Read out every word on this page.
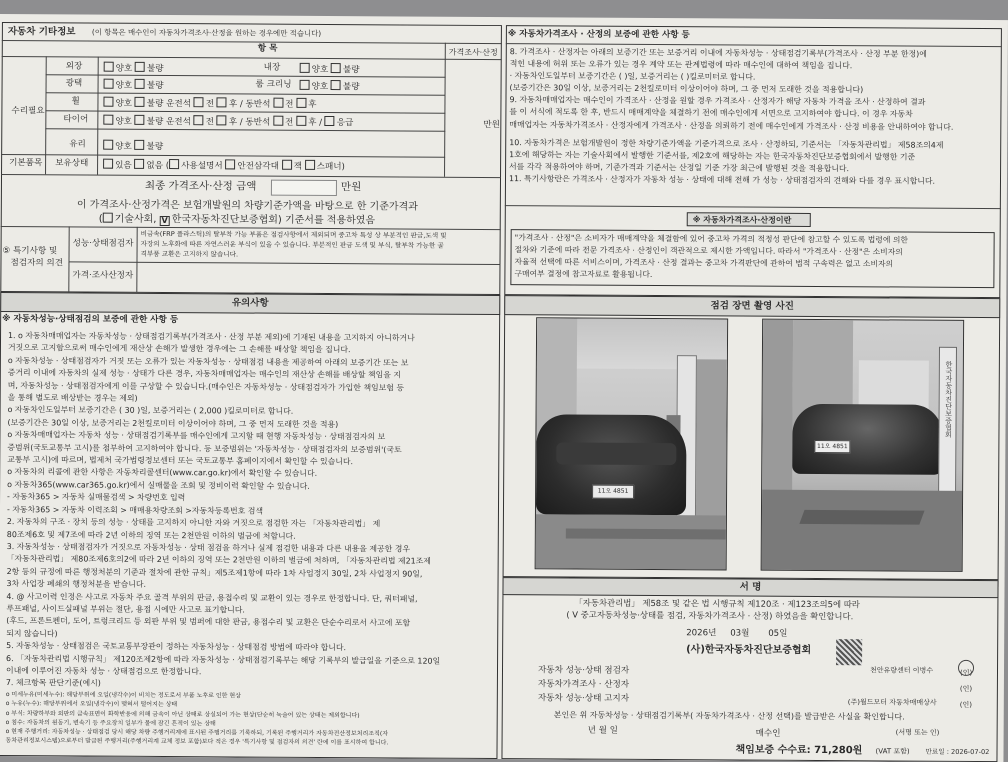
자동차 기타정보 (이 항목은 매수인이 자동차가격조사·산정을 원하는 경우에만 적습니다)
항 목	가격조사·산정
수리필요
외장	양호 불량	내장	양호 불량
광택	양호 불량	룸 크리닝	양호 불량
휠	양호 불량 운전석 전 후 / 동반석 전 후
타이어	양호 불량 운전석 전 후 / 동반석 전 후 / 응급
유리	양호 불량
만원
기본품목 보유상태	있음 없음 ( 사용설명서 안전삼각대 잭 스패너)
최종 가격조사·산정 금액	만원
이 가격조사·산정가격은 보험개발원의 차량기준가액을 바탕으로 한 기준가격과
( 기술사회, V 한국자동차진단보증협회) 기준서를 적용하였음
⑤ 특기사항 및
점검자의 의견
성능·상태점검자
비금속(FRP 플라스틱)의 탈부착 가능 부품은 점검사항에서 제외되며 중고차 특성 상 부분적인 판금,도색 및
자장의 노후화에 따른 자연스러운 부식이 있을 수 있습니다. 부분적인 판금 도색 및 부식, 탈부착 가능한 골
격부품 교환은 고지하지 않습니다.
가격·조사산정자
※ 자동차가격조사 · 산정의 보증에 관한 사항 등
8. 가격조사 · 산정자는 아래의 보증기간 또는 보증거리 이내에 자동차성능 · 상태점검기록부(가격조사 · 산정 부분 한정)에
적힌 내용에 허위 또는 오류가 있는 경우 계약 또는 관계법령에 따라 매수인에 대하여 책임을 집니다.
· 자동차인도일부터 보증기간은 ( )일, 보증거리는 ( )킬로미터로 합니다.
(보증기간은 30일 이상, 보증거리는 2천킬로미터 이상이어야 하며, 그 중 먼저 도래한 것을 적용합니다)
9. 자동차매매업자는 매수인이 가격조사 · 산정을 원할 경우 가격조사 · 산정자가 해당 자동차 가격을 조사 · 산정하여 결과
를 이 서식에 적도록 한 후, 반드시 매매계약을 체결하기 전에 매수인에게 서면으로 고지하여야 합니다. 이 경우 자동차
매매업자는 자동차가격조사 · 산정자에게 가격조사 · 산정을 의뢰하기 전에 매수인에게 가격조사 · 산정 비용을 안내하여야 합니다.
10. 자동차가격은 보험개발원이 정한 차량기준가액을 기준가격으로 조사 · 산정하되, 기준서는 「자동차관리법」 제58조의4제
1호에 해당하는 자는 기술사회에서 발행한 기준서를, 제2호에 해당하는 자는 한국자동차진단보증협회에서 발행한 기준
서를 각각 적용하여야 하며, 기준가격과 기준서는 산정일 기준 가장 최근에 발행된 것을 적용합니다.
11. 특기사항란은 가격조사 · 산정자가 자동차 성능 · 상태에 대해 전해 가 성능 · 상태점검자의 견해와 다를 경우 표시합니다.
※ 자동차가격조사·산정이란
"가격조사 · 산정"은 소비자가 매매계약을 체결함에 있어 중고차 가격의 적정성 판단에 참고할 수 있도록 법령에 의한
절차와 기준에 따라 전문 가격조사 · 산정인이 객관적으로 제시한 가액입니다. 따라서 "가격조사 · 산정"은 소비자의
자율적 선택에 따른 서비스이며, 가격조사 · 산정 결과는 중고차 가격판단에 관하여 법적 구속력은 없고 소비자의
구매여부 결정에 참고자료로 활용됩니다.
유의사항
※ 자동차성능·상태점검의 보증에 관한 사항 등
1. o 자동차매매업자는 자동차성능 · 상태점검기록부(가격조사 · 산정 부분 제외)에 기재된 내용을 고지하지 아니하거나
거짓으로 고지함으로써 매수인에게 재산상 손해가 발생한 경우에는 그 손해를 배상할 책임을 집니다.
o 자동차성능 · 상태점검자가 거짓 또는 오류가 있는 자동차성능 · 상태점검 내용을 제공하여 아래의 보증기간 또는 보
증거리 이내에 자동차의 실제 성능 · 상태가 다른 경우, 자동차매매업자는 매수인의 재산상 손해를 배상할 책임을 지
며, 자동차성능 · 상태점검자에게 이를 구상할 수 있습니다.(매수인은 자동차성능 · 상태점검자가 가입한 책임보험 등
을 통해 별도로 배상받는 경우는 제외)
o 자동차인도일부터 보증기간은 ( 30 )일, 보증거리는 ( 2,000 )킬로미터로 합니다.
(보증기간은 30일 이상, 보증거리는 2천킬로미터 이상이어야 하며, 그 중 먼저 도래한 것을 적용)
o 자동차매매업자는 자동차 성능 · 상태점검기록부를 매수인에게 고지할 때 현행 자동차성능 · 상태점검자의 보
증범위(국토교통부 고시)를 첨부하여 고지하여야 합니다. 등 보증범위는 '자동차성능 · 상태점검자의 보증범위'(국토
교통부 고시)에 따르며, 법제처 국가법령정보센터 또는 국토교통부 홈페이지에서 확인할 수 있습니다.
o 자동차의 리콜에 관한 사항은 자동차리콜센터(www.car.go.kr)에서 확인할 수 있습니다.
o 자동차365(www.car365.go.kr)에서 실매물을 조회 및 정비이력 확인할 수 있습니다.
- 자동차365 > 자동차 실매물검색 > 차량번호 입력
- 자동차365 > 자동차 이력조회 > 매매용차량조회 >자동차등록번호 검색
2. 자동차의 구조 · 장치 등의 성능 · 상태를 고지하지 아니한 자와 거짓으로 점검한 자는 「자동차관리법」 제
80조제6호 및 제7조에 따라 2년 이하의 징역 또는 2천만원 이하의 벌금에 처합니다.
3. 자동차성능 · 상태점검자가 거짓으로 자동차성능 · 상태 점검을 하거나 실제 점검한 내용과 다른 내용을 제공한 경우
「자동차관리법」 제80조제6호의2에 따라 2년 이하의 징역 또는 2천만원 이하의 벌금에 처하며, 「자동차관리법 제21조제
2항 등의 규정에 따른 행정처분의 기준과 절차에 관한 규칙」제5조제1항에 따라 1차 사업정지 30일, 2차 사업정지 90일,
3차 사업장 폐쇄의 행정처분을 받습니다.
4. @ 사고이력 인정은 사고로 자동차 주요 골격 부위의 판금, 용접수리 및 교환이 있는 경우로 한정합니다. 단, 쿼터패널,
루프패널, 사이드실패널 부위는 절단, 용접 시에만 사고로 표기합니다.
(후드, 프론트펜더, 도어, 트렁크리드 등 외판 부위 및 범퍼에 대한 판금, 용접수리 및 교환은 단순수리로서 사고에 포함
되지 않습니다)
5. 자동차성능 · 상태점검은 국토교통부장관이 정하는 자동차성능 · 상태점검 방법에 따라야 합니다.
6. 「자동차관리법 시행규칙」 제120조제2항에 따라 자동차성능 · 상태점검기록부는 해당 기록부의 발급일을 기준으로 120일
이내에 이루어진 자동차 성능 · 상태점검으로 한정합니다.
7. 체크항목 판단기준(예시)
o 미세누유(미세누수): 해당부위에 오일(냉각수)이 비치는 정도로서 부품 노후로 인한 현상
o 누유(누수): 해당부위에서 오일(냉각수)이 맺혀서 떨어지는 상태
o 부식: 차량하부와 외판의 금속표면이 화학반응에 의해 금속이 아닌 상태로 상실되어 가는 현상(단순히 녹슬어 있는 상태는 제외합니다)
o 침수: 자동차의 원동기, 변속기 등 주요장치 일부가 물에 잠긴 흔적이 있는 상태
o 현재 주행거리: 자동차성능 · 상태점검 당시 해당 차량 주행거리계에 표시된 주행거리를 기록하되, 기록된 주행거리가 자동차전산정보처리조직(자
동차관리정보시스템)으로부터 발급된 주행거리(주행거리계 교체 정보 포함)보다 적은 경우 '특기사항 및 점검자의 의견' 란에 이를 표시하여 합니다.
점검 장면 촬영 사진
11오 4851
11오 4851
한국자동차진단보증협회
서 명
「자동차관리법」 제58조 및 같은 법 시행규칙 제120조 · 제123조의5에 따라
( V 중고자동차성능·상태를 점검, 자동차가격조사 · 산정) 하였음을 확인합니다.
2026년 03월 05일
(사)한국자동차진단보증협회
자동차 성능·상태 점검자	천안유량센터 이병수	(인)
자동차가격조사 · 산정자	(인)
자동차 성능·상태 고지자	(주)월드모터 자동차매매상사	(인)
본인은 위 자동차성능 · 상태점검기록부( 자동차가격조사 · 산정 선택)를 발급받은 사실을 확인합니다.
년 월 일	매수인	(서명 또는 인)
책임보증 수수료: 71,280원 (VAT 포함) 만료일 : 2026-07-02
